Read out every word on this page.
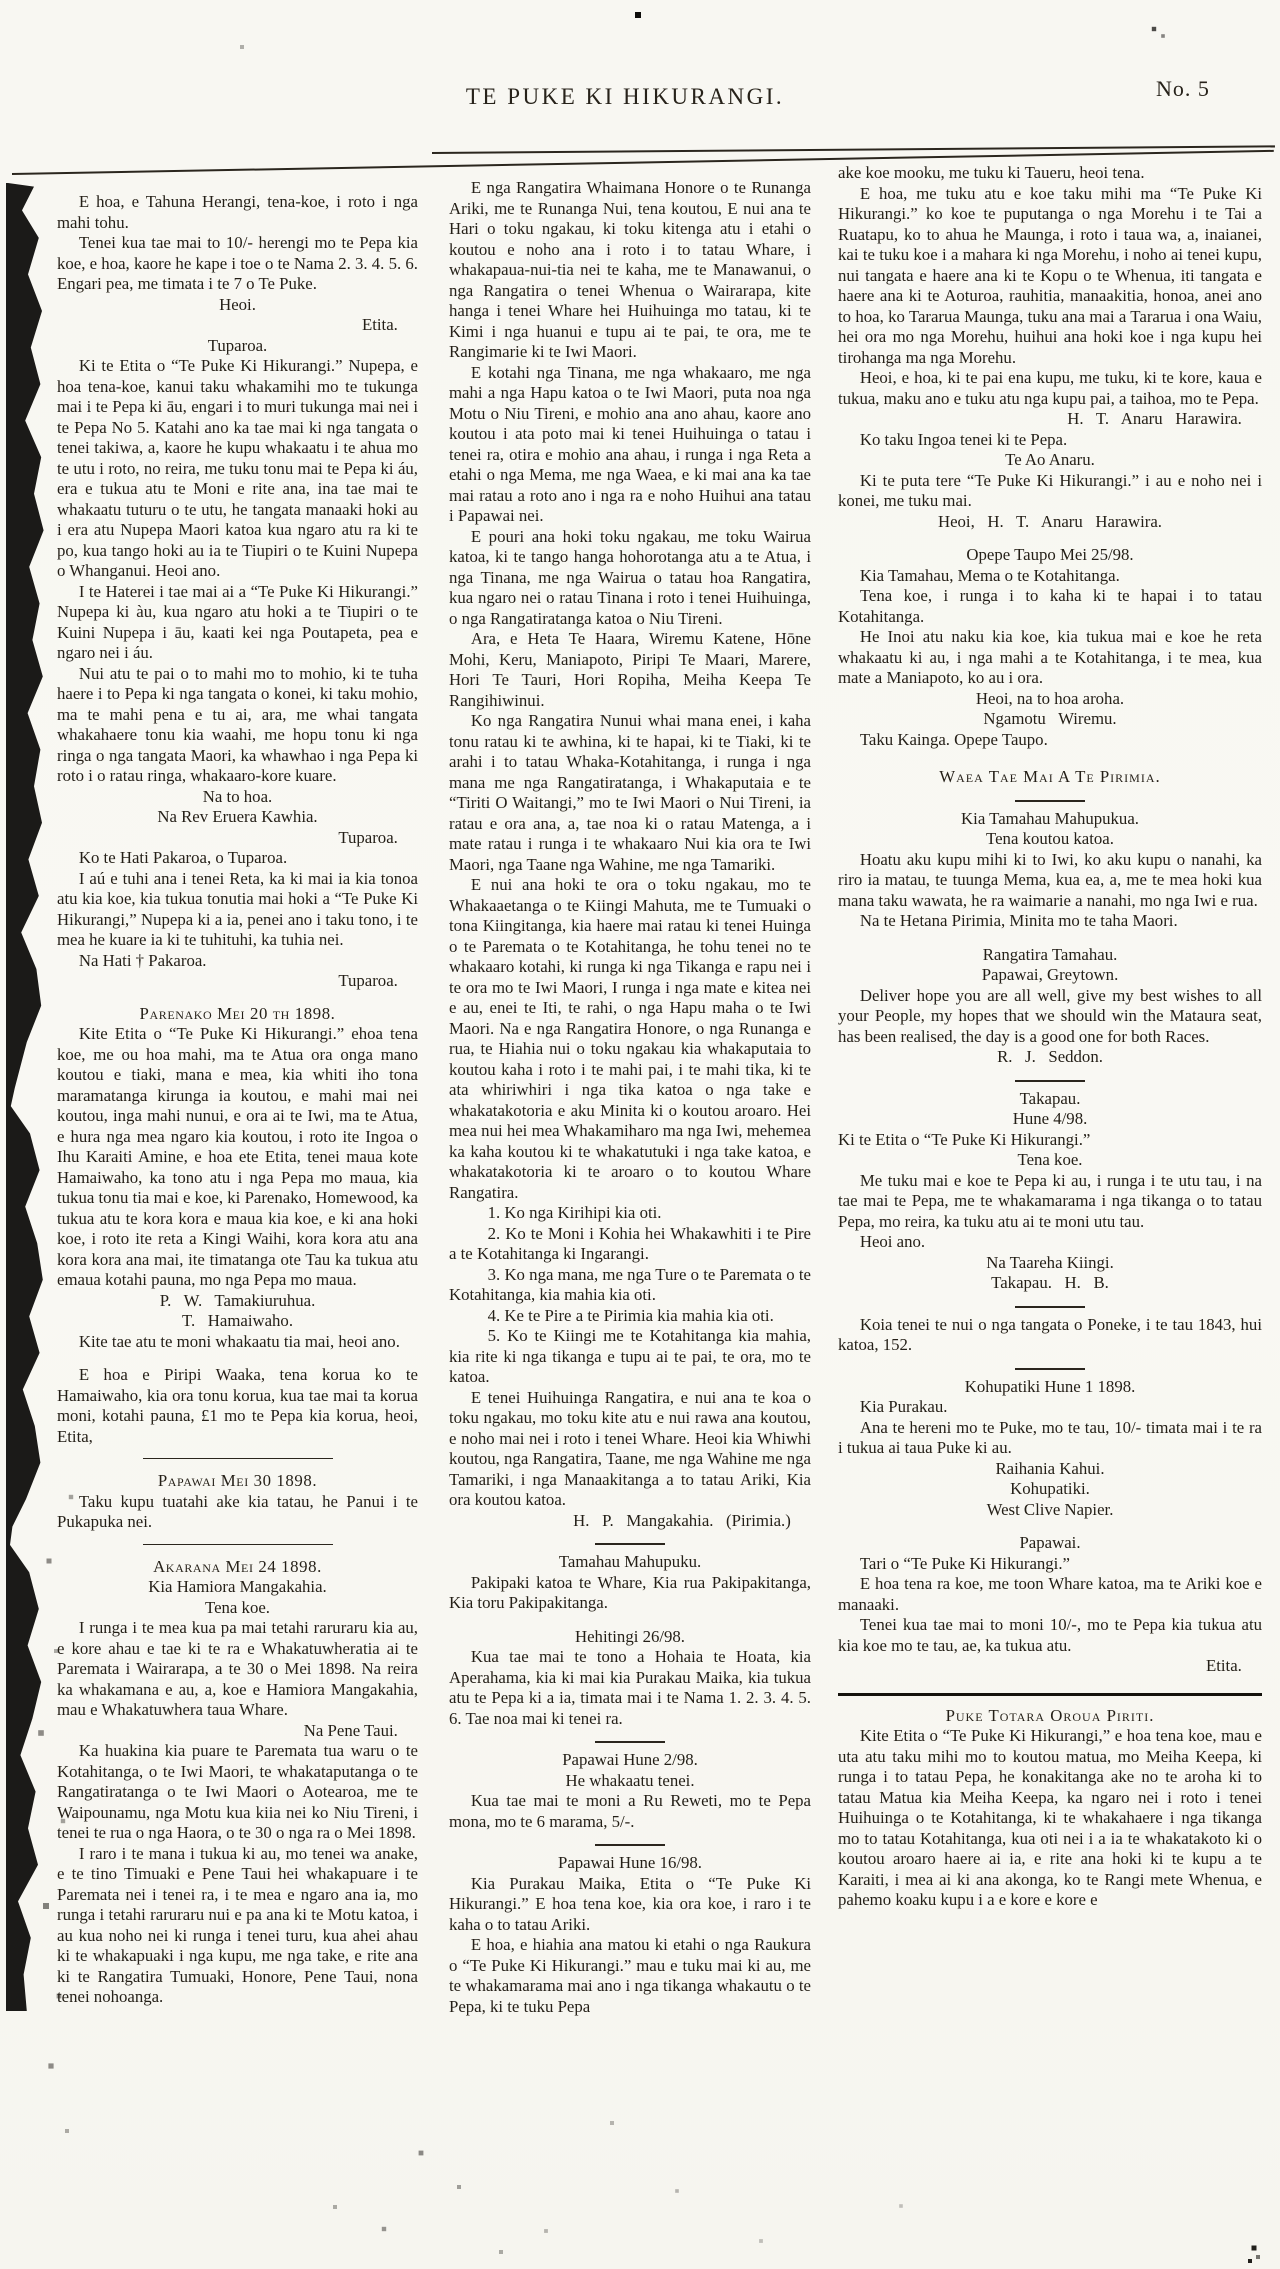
TE PUKE KI HIKURANGI.	No. 5

E hoa, e Tahuna Herangi, tena-koe, i roto i nga mahi tohu.

Tenei kua tae mai to 10/- herengi mo te Pepa kia koe, e hoa, kaore he kape i toe o te Nama 2. 3. 4. 5. 6. Engari pea, me timata i te 7 o Te Puke.

Heoi.

Etita.

Tuparoa.

Ki te Etita o “Te Puke Ki Hikurangi.” Nupepa, e hoa tena-koe, kanui taku whakamihi mo te tukunga mai i te Pepa ki āu, engari i to muri tukunga mai nei i te Pepa No 5. Katahi ano ka tae mai ki nga tangata o tenei takiwa, a, kaore he kupu whakaatu i te ahua mo te utu i roto, no reira, me tuku tonu mai te Pepa ki áu, era e tukua atu te Moni e rite ana, ina tae mai te whakaatu tuturu o te utu, he tangata manaaki hoki au i era atu Nupepa Maori katoa kua ngaro atu ra ki te po, kua tango hoki au ia te Tiupiri o te Kuini Nupepa o Whanganui. Heoi ano.

I te Haterei i tae mai ai a “Te Puke Ki Hikurangi.” Nupepa ki àu, kua ngaro atu hoki a te Tiupiri o te Kuini Nupepa i āu, kaati kei nga Poutapeta, pea e ngaro nei i áu.

Nui atu te pai o to mahi mo to mohio, ki te tuha haere i to Pepa ki nga tangata o konei, ki taku mohio, ma te mahi pena e tu ai, ara, me whai tangata whakahaere tonu kia waahi, me hopu tonu ki nga ringa o nga tangata Maori, ka whawhao i nga Pepa ki roto i o ratau ringa, whakaaro-kore kuare.

Na to hoa.

Na Rev Eruera Kawhia.

Tuparoa.

Ko te Hati Pakaroa, o Tuparoa.

I aú e tuhi ana i tenei Reta, ka ki mai ia kia tonoa atu kia koe, kia tukua tonutia mai hoki a “Te Puke Ki Hikurangi,” Nupepa ki a ia, penei ano i taku tono, i te mea he kuare ia ki te tuhituhi, ka tuhia nei.

Na Hati † Pakaroa.

Tuparoa.

Parenako Mei 20 th 1898.

Kite Etita o “Te Puke Ki Hikurangi.” ehoa tena koe, me ou hoa mahi, ma te Atua ora onga mano koutou e tiaki, mana e mea, kia whiti iho tona maramatanga kirunga ia koutou, e mahi mai nei koutou, inga mahi nunui, e ora ai te Iwi, ma te Atua, e hura nga mea ngaro kia koutou, i roto ite Ingoa o Ihu Karaiti Amine, e hoa ete Etita, tenei maua kote Hamaiwaho, ka tono atu i nga Pepa mo maua, kia tukua tonu tia mai e koe, ki Parenako, Homewood, ka tukua atu te kora kora e maua kia koe, e ki ana hoki koe, i roto ite reta a Kingi Waihi, kora kora atu ana kora kora ana mai, ite timatanga ote Tau ka tukua atu emaua kotahi pauna, mo nga Pepa mo maua.

P. W. Tamakiuruhua.

T. Hamaiwaho.

Kite tae atu te moni whakaatu tia mai, heoi ano.

E hoa e Piripi Waaka, tena korua ko te Hamaiwaho, kia ora tonu korua, kua tae mai ta korua moni, kotahi pauna, £1 mo te Pepa kia korua, heoi, Etita,

Papawai Mei 30 1898.

Taku kupu tuatahi ake kia tatau, he Panui i te Pukapuka nei.

Akarana Mei 24 1898.

Kia Hamiora Mangakahia.

Tena koe.

I runga i te mea kua pa mai tetahi raruraru kia au, e kore ahau e tae ki te ra e Whakatuwheratia ai te Paremata i Wairarapa, a te 30 o Mei 1898. Na reira ka whakamana e au, a, koe e Hamiora Mangakahia, mau e Whakatuwhera taua Whare.

Na Pene Taui.

Ka huakina kia puare te Paremata tua waru o te Kotahitanga, o te Iwi Maori, te whakataputanga o te Rangatiratanga o te Iwi Maori o Aotearoa, me te Waipounamu, nga Motu kua kiia nei ko Niu Tireni, i tenei te rua o nga Haora, o te 30 o nga ra o Mei 1898.

I raro i te mana i tukua ki au, mo tenei wa anake, e te tino Timuaki e Pene Taui hei whakapuare i te Paremata nei i tenei ra, i te mea e ngaro ana ia, mo runga i tetahi raruraru nui e pa ana ki te Motu katoa, i au kua noho nei ki runga i tenei turu, kua ahei ahau ki te whakapuaki i nga kupu, me nga take, e rite ana ki te Rangatira Tumuaki, Honore, Pene Taui, nona tenei nohoanga.

E nga Rangatira Whaimana Honore o te Runanga Ariki, me te Runanga Nui, tena koutou, E nui ana te Hari o toku ngakau, ki toku kitenga atu i etahi o koutou e noho ana i roto i to tatau Whare, i whakapaua-nui-tia nei te kaha, me te Manawanui, o nga Rangatira o tenei Whenua o Wairarapa, kite hanga i tenei Whare hei Huihuinga mo tatau, ki te Kimi i nga huanui e tupu ai te pai, te ora, me te Rangimarie ki te Iwi Maori.

E kotahi nga Tinana, me nga whakaaro, me nga mahi a nga Hapu katoa o te Iwi Maori, puta noa nga Motu o Niu Tireni, e mohio ana ano ahau, kaore ano koutou i ata poto mai ki tenei Huihuinga o tatau i tenei ra, otira e mohio ana ahau, i runga i nga Reta a etahi o nga Mema, me nga Waea, e ki mai ana ka tae mai ratau a roto ano i nga ra e noho Huihui ana tatau i Papawai nei.

E pouri ana hoki toku ngakau, me toku Wairua katoa, ki te tango hanga hohorotanga atu a te Atua, i nga Tinana, me nga Wairua o tatau hoa Rangatira, kua ngaro nei o ratau Tinana i roto i tenei Huihuinga, o nga Rangatiratanga katoa o Niu Tireni.

Ara, e Heta Te Haara, Wiremu Katene, Hōne Mohi, Keru, Maniapoto, Piripi Te Maari, Marere, Hori Te Tauri, Hori Ropiha, Meiha Keepa Te Rangihiwinui.

Ko nga Rangatira Nunui whai mana enei, i kaha tonu ratau ki te awhina, ki te hapai, ki te Tiaki, ki te arahi i to tatau Whaka-Kotahitanga, i runga i nga mana me nga Rangatiratanga, i Whakaputaia e te “Tiriti O Waitangi,” mo te Iwi Maori o Nui Tireni, ia ratau e ora ana, a, tae noa ki o ratau Matenga, a i mate ratau i runga i te whakaaro Nui kia ora te Iwi Maori, nga Taane nga Wahine, me nga Tamariki.

E nui ana hoki te ora o toku ngakau, mo te Whakaaetanga o te Kiingi Mahuta, me te Tumuaki o tona Kiingitanga, kia haere mai ratau ki tenei Huinga o te Paremata o te Kotahitanga, he tohu tenei no te whakaaro kotahi, ki runga ki nga Tikanga e rapu nei i te ora mo te Iwi Maori, I runga i nga mate e kitea nei e au, enei te Iti, te rahi, o nga Hapu maha o te Iwi Maori. Na e nga Rangatira Honore, o nga Runanga e rua, te Hiahia nui o toku ngakau kia whakaputaia to koutou kaha i roto i te mahi pai, i te mahi tika, ki te ata whiriwhiri i nga tika katoa o nga take e whakatakotoria e aku Minita ki o koutou aroaro. Hei mea nui hei mea Whakamiharo ma nga Iwi, mehemea ka kaha koutou ki te whakatutuki i nga take katoa, e whakatakotoria ki te aroaro o to koutou Whare Rangatira.

1. Ko nga Kirihipi kia oti.

2. Ko te Moni i Kohia hei Whakawhiti i te Pire a te Kotahitanga ki Ingarangi.

3. Ko nga mana, me nga Ture o te Paremata o te Kotahitanga, kia mahia kia oti.

4. Ke te Pire a te Pirimia kia mahia kia oti.

5. Ko te Kiingi me te Kotahitanga kia mahia, kia rite ki nga tikanga e tupu ai te pai, te ora, mo te katoa.

E tenei Huihuinga Rangatira, e nui ana te koa o toku ngakau, mo toku kite atu e nui rawa ana koutou, e noho mai nei i roto i tenei Whare. Heoi kia Whiwhi koutou, nga Rangatira, Taane, me nga Wahine me nga Tamariki, i nga Manaakitanga a to tatau Ariki, Kia ora koutou katoa.

H. P. Mangakahia. (Pirimia.)

Tamahau Mahupuku.

Pakipaki katoa te Whare, Kia rua Pakipakitanga, Kia toru Pakipakitanga.

Hehitingi 26/98.

Kua tae mai te tono a Hohaia te Hoata, kia Aperahama, kia ki mai kia Purakau Maika, kia tukua atu te Pepa ki a ia, timata mai i te Nama 1. 2. 3. 4. 5. 6. Tae noa mai ki tenei ra.

Papawai Hune 2/98.

He whakaatu tenei.

Kua tae mai te moni a Ru Reweti, mo te Pepa mona, mo te 6 marama, 5/-.

Papawai Hune 16/98.

Kia Purakau Maika, Etita o “Te Puke Ki Hikurangi.” E hoa tena koe, kia ora koe, i raro i te kaha o to tatau Ariki.

E hoa, e hiahia ana matou ki etahi o nga Raukura o “Te Puke Ki Hikurangi.” mau e tuku mai ki au, me te whakamarama mai ano i nga tikanga whakautu o te Pepa, ki te tuku Pepa

ake koe mooku, me tuku ki Taueru, heoi tena.

E hoa, me tuku atu e koe taku mihi ma “Te Puke Ki Hikurangi.” ko koe te puputanga o nga Morehu i te Tai a Ruatapu, ko to ahua he Maunga, i roto i taua wa, a, inaianei, kai te tuku koe i a mahara ki nga Morehu, i noho ai tenei kupu, nui tangata e haere ana ki te Kopu o te Whenua, iti tangata e haere ana ki te Aoturoa, rauhitia, manaakitia, honoa, anei ano to hoa, ko Tararua Maunga, tuku ana mai a Tararua i ona Waiu, hei ora mo nga Morehu, huihui ana hoki koe i nga kupu hei tirohanga ma nga Morehu.

Heoi, e hoa, ki te pai ena kupu, me tuku, ki te kore, kaua e tukua, maku ano e tuku atu nga kupu pai, a taihoa, mo te Pepa.

H. T. Anaru Harawira.

Ko taku Ingoa tenei ki te Pepa.

Te Ao Anaru.

Ki te puta tere “Te Puke Ki Hikurangi.” i au e noho nei i konei, me tuku mai.

Heoi, H. T. Anaru Harawira.

Opepe Taupo Mei 25/98.

Kia Tamahau, Mema o te Kotahitanga.

Tena koe, i runga i to kaha ki te hapai i to tatau Kotahitanga.

He Inoi atu naku kia koe, kia tukua mai e koe he reta whakaatu ki au, i nga mahi a te Kotahitanga, i te mea, kua mate a Maniapoto, ko au i ora.

Heoi, na to hoa aroha.

Ngamotu Wiremu.

Taku Kainga. Opepe Taupo.

Waea Tae Mai A Te Pirimia.

Kia Tamahau Mahupukua.

Tena koutou katoa.

Hoatu aku kupu mihi ki to Iwi, ko aku kupu o nanahi, ka riro ia matau, te tuunga Mema, kua ea, a, me te mea hoki kua mana taku wawata, he ra waimarie a nanahi, mo nga Iwi e rua.

Na te Hetana Pirimia, Minita mo te taha Maori.

Rangatira Tamahau.

Papawai, Greytown.

Deliver hope you are all well, give my best wishes to all your People, my hopes that we should win the Mataura seat, has been realised, the day is a good one for both Races.

R. J. Seddon.

Takapau.

Hune 4/98.

Ki te Etita o “Te Puke Ki Hikurangi.”

Tena koe.

Me tuku mai e koe te Pepa ki au, i runga i te utu tau, i na tae mai te Pepa, me te whakamarama i nga tikanga o to tatau Pepa, mo reira, ka tuku atu ai te moni utu tau.

Heoi ano.

Na Taareha Kiingi.

Takapau. H. B.

Koia tenei te nui o nga tangata o Poneke, i te tau 1843, hui katoa, 152.

Kohupatiki Hune 1 1898.

Kia Purakau.

Ana te hereni mo te Puke, mo te tau, 10/- timata mai i te ra i tukua ai taua Puke ki au.

Raihania Kahui.

Kohupatiki.

West Clive Napier.

Papawai.

Tari o “Te Puke Ki Hikurangi.”

E hoa tena ra koe, me toon Whare katoa, ma te Ariki koe e manaaki.

Tenei kua tae mai to moni 10/-, mo te Pepa kia tukua atu kia koe mo te tau, ae, ka tukua atu.

Etita.

Puke Totara Oroua Piriti.

Kite Etita o “Te Puke Ki Hikurangi,” e hoa tena koe, mau e uta atu taku mihi mo to koutou matua, mo Meiha Keepa, ki runga i to tatau Pepa, he konakitanga ake no te aroha ki to tatau Matua kia Meiha Keepa, ka ngaro nei i roto i tenei Huihuinga o te Kotahitanga, ki te whakahaere i nga tikanga mo to tatau Kotahitanga, kua oti nei i a ia te whakatakoto ki o koutou aroaro haere ai ia, e rite ana hoki ki te kupu a te Karaiti, i mea ai ki ana akonga, ko te Rangi mete Whenua, e pahemo koaku kupu i a e kore e kore e
